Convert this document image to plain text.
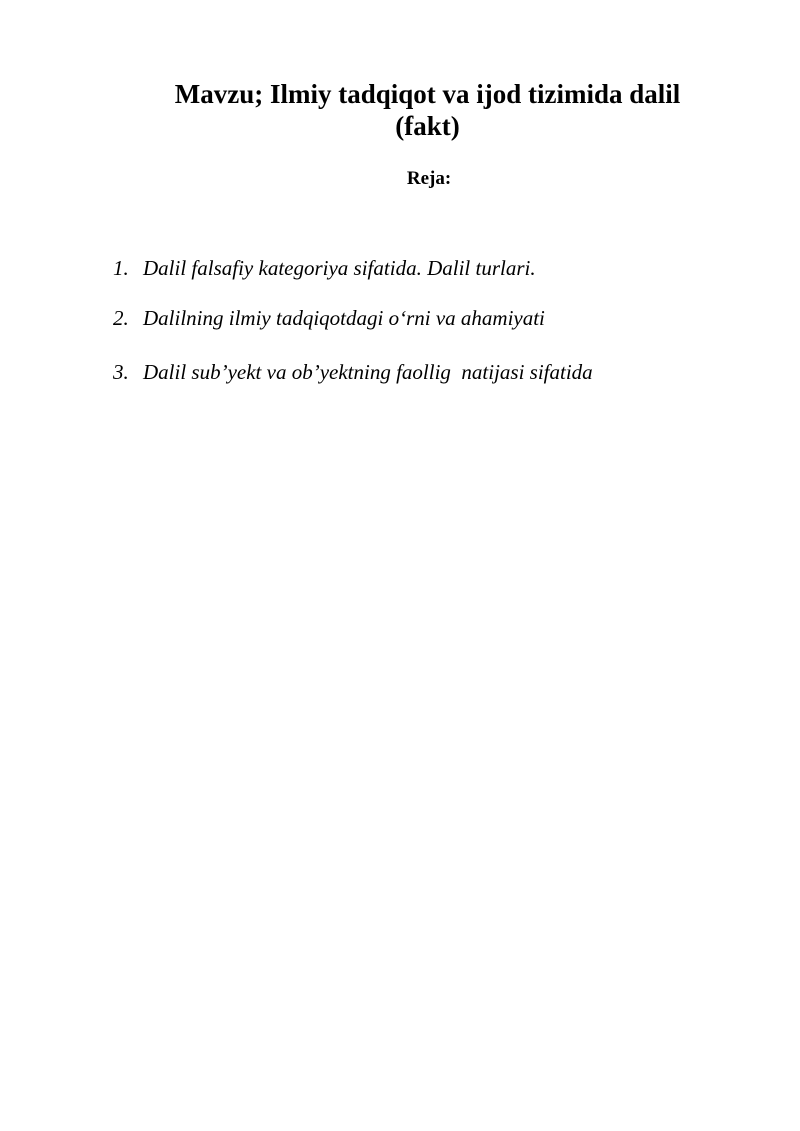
Mavzu; Ilmiy tadqiqot va ijod tizimida dalil (fakt)

Reja:

1. Dalil falsafiy kategoriya sifatida. Dalil turlari.
2. Dalilning ilmiy tadqiqotdagi o‘rni va ahamiyati
3. Dalil sub’yekt va ob’yektning faollig  natijasi sifatida
